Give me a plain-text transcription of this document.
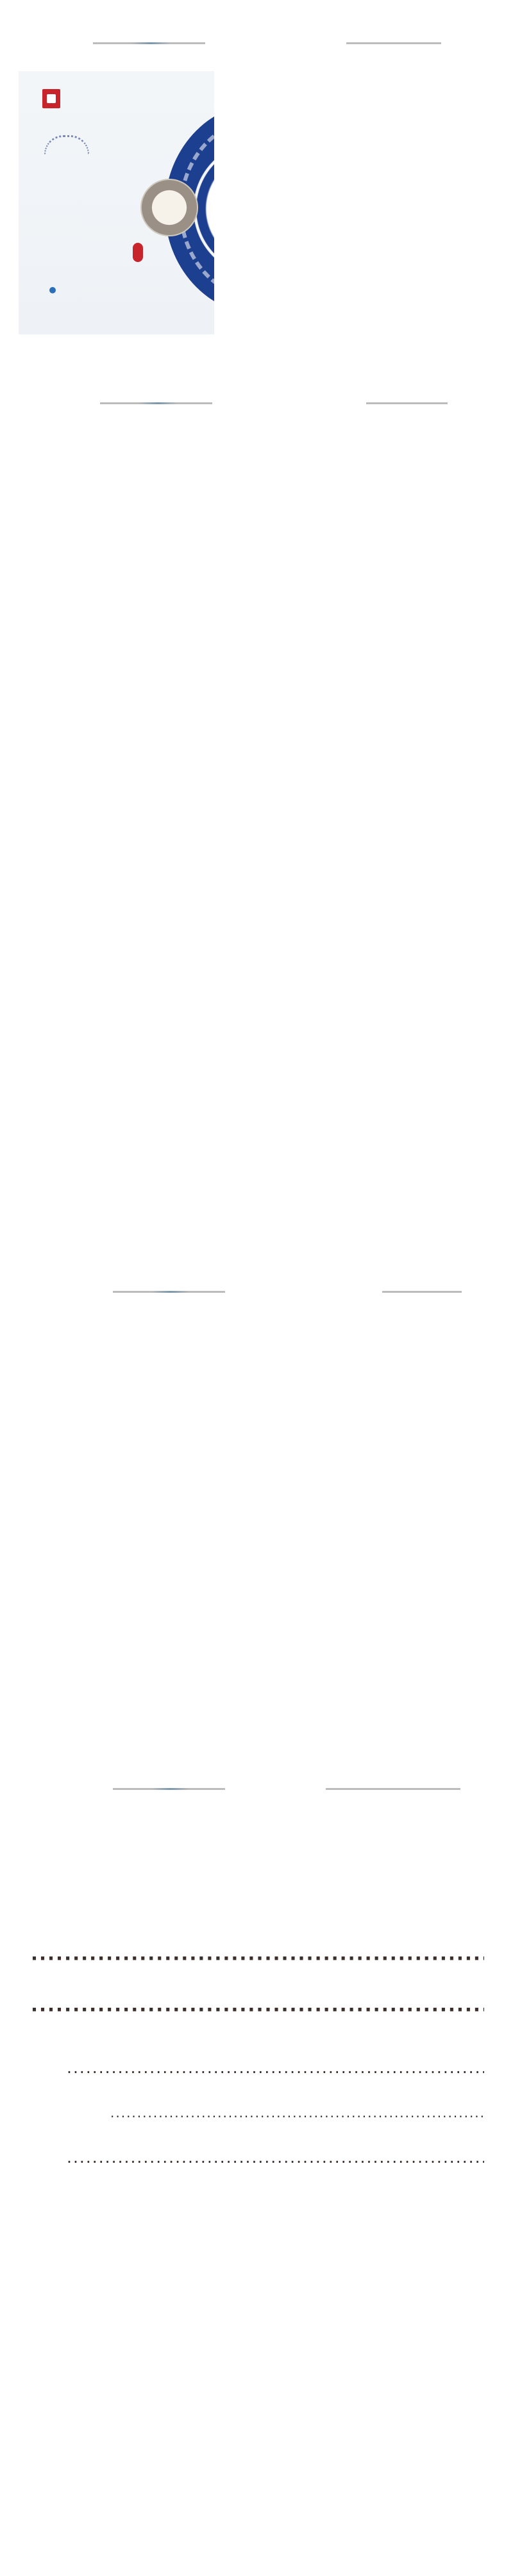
·····
·····
·····
·····
·····
